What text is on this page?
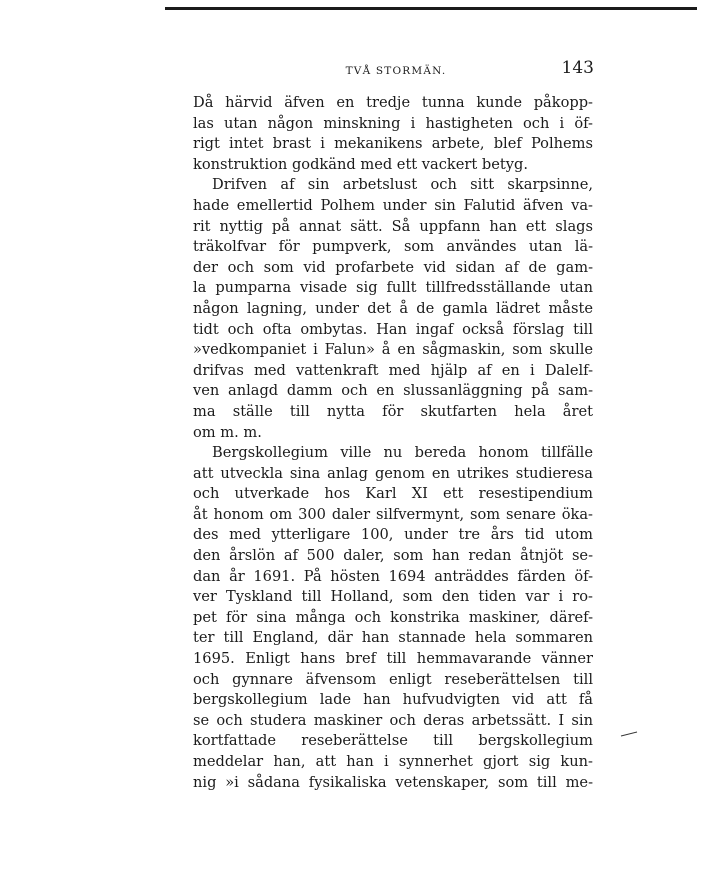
TVÅ STORMÄN.	143
Då härvid äfven en tredje tunna kunde påkopp-
las utan någon minskning i hastigheten och i öf-
rigt intet brast i mekanikens arbete, blef Polhems
konstruktion godkänd med ett vackert betyg.
Drifven af sin arbetslust och sitt skarpsinne,
hade emellertid Polhem under sin Falutid äfven va-
rit nyttig på annat sätt. Så uppfann han ett slags
träkolfvar för pumpverk, som användes utan lä-
der och som vid profarbete vid sidan af de gam-
la pumparna visade sig fullt tillfredsställande utan
någon lagning, under det å de gamla lädret måste
tidt och ofta ombytas. Han ingaf också förslag till
»vedkompaniet i Falun» å en sågmaskin, som skulle
drifvas med vattenkraft med hjälp af en i Dalelf-
ven anlagd damm och en slussanläggning på sam-
ma ställe till nytta för skutfarten hela året
om m. m.
Bergskollegium ville nu bereda honom tillfälle
att utveckla sina anlag genom en utrikes studieresa
och utverkade hos Karl XI ett resestipendium
åt honom om 300 daler silfvermynt, som senare öka-
des med ytterligare 100, under tre års tid utom
den årslön af 500 daler, som han redan åtnjöt se-
dan år 1691. På hösten 1694 anträddes färden öf-
ver Tyskland till Holland, som den tiden var i ro-
pet för sina många och konstrika maskiner, däref-
ter till England, där han stannade hela sommaren
1695. Enligt hans bref till hemmavarande vänner
och gynnare äfvensom enligt reseberättelsen till
bergskollegium lade han hufvudvigten vid att få
se och studera maskiner och deras arbetssätt. I sin
kortfattade reseberättelse till bergskollegium
meddelar han, att han i synnerhet gjort sig kun-
nig »i sådana fysikaliska vetenskaper, som till me-
